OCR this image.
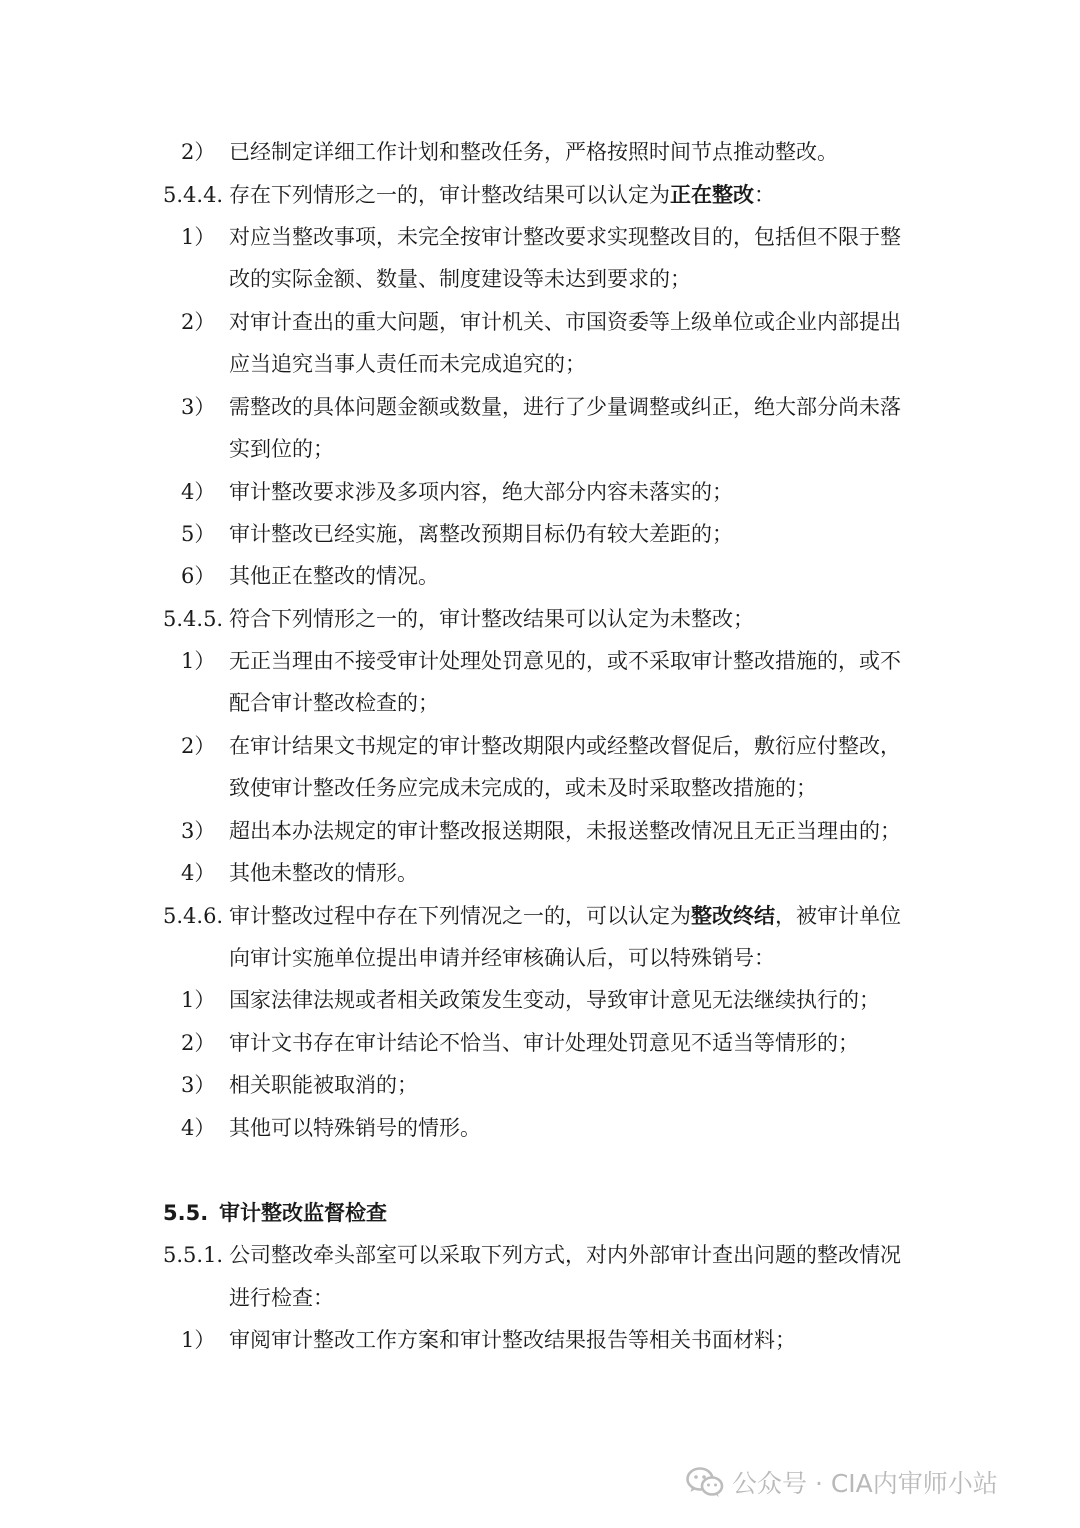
2） 已经制定详细工作计划和整改任务，严格按照时间节点推动整改。
5.4.4. 存在下列情形之一的，审计整改结果可以认定为正在整改：
1） 对应当整改事项，未完全按审计整改要求实现整改目的，包括但不限于整
改的实际金额、数量、制度建设等未达到要求的；
2） 对审计查出的重大问题，审计机关、市国资委等上级单位或企业内部提出
应当追究当事人责任而未完成追究的；
3） 需整改的具体问题金额或数量，进行了少量调整或纠正，绝大部分尚未落
实到位的；
4） 审计整改要求涉及多项内容，绝大部分内容未落实的；
5） 审计整改已经实施，离整改预期目标仍有较大差距的；
6） 其他正在整改的情况。
5.4.5. 符合下列情形之一的，审计整改结果可以认定为未整改；
1） 无正当理由不接受审计处理处罚意见的，或不采取审计整改措施的，或不
配合审计整改检查的；
2） 在审计结果文书规定的审计整改期限内或经整改督促后，敷衍应付整改，
致使审计整改任务应完成未完成的，或未及时采取整改措施的；
3） 超出本办法规定的审计整改报送期限，未报送整改情况且无正当理由的；
4） 其他未整改的情形。
5.4.6. 审计整改过程中存在下列情况之一的，可以认定为整改终结，被审计单位
向审计实施单位提出申请并经审核确认后，可以特殊销号：
1） 国家法律法规或者相关政策发生变动，导致审计意见无法继续执行的；
2） 审计文书存在审计结论不恰当、审计处理处罚意见不适当等情形的；
3） 相关职能被取消的；
4） 其他可以特殊销号的情形。
5.5. 审计整改监督检查
5.5.1. 公司整改牵头部室可以采取下列方式，对内外部审计查出问题的整改情况
进行检查：
1） 审阅审计整改工作方案和审计整改结果报告等相关书面材料；
公众号 · CIA内审师小站
